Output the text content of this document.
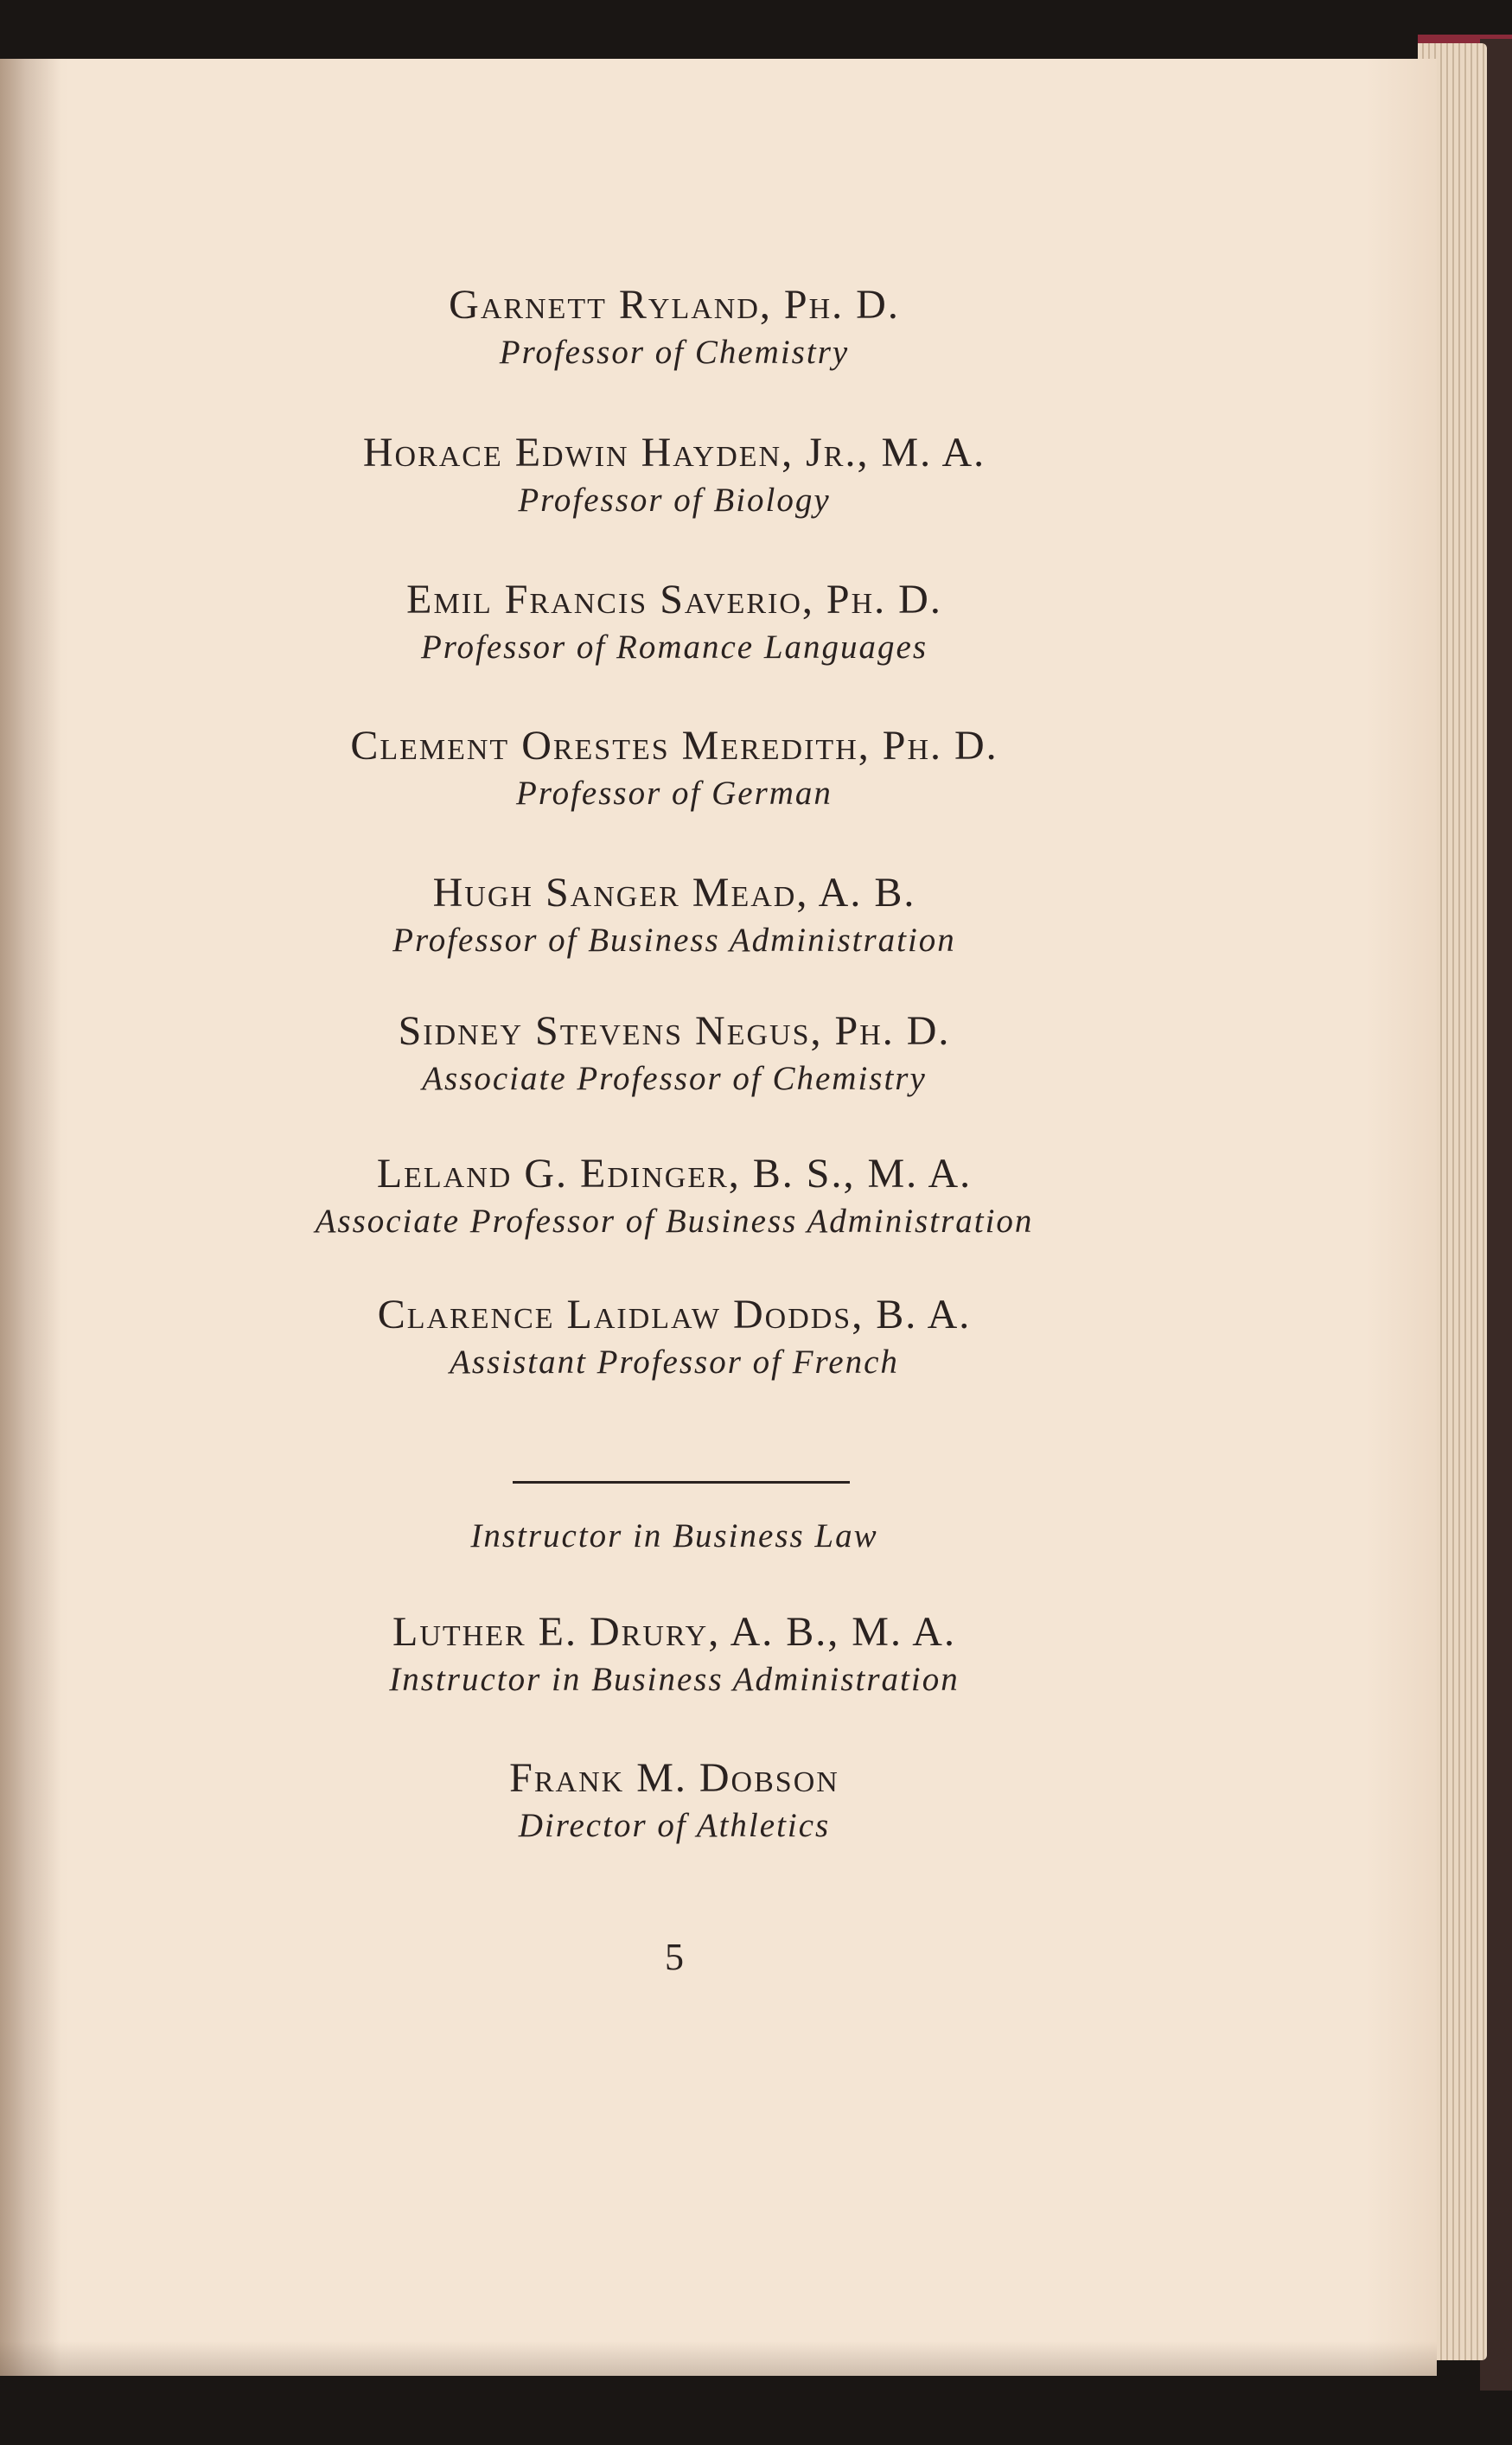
Garnett Ryland, Ph. D.
Professor of Chemistry
Horace Edwin Hayden, Jr., M. A.
Professor of Biology
Emil Francis Saverio, Ph. D.
Professor of Romance Languages
Clement Orestes Meredith, Ph. D.
Professor of German
Hugh Sanger Mead, A. B.
Professor of Business Administration
Sidney Stevens Negus, Ph. D.
Associate Professor of Chemistry
Leland G. Edinger, B. S., M. A.
Associate Professor of Business Administration
Clarence Laidlaw Dodds, B. A.
Assistant Professor of French
Instructor in Business Law
Luther E. Drury, A. B., M. A.
Instructor in Business Administration
Frank M. Dobson
Director of Athletics
5
